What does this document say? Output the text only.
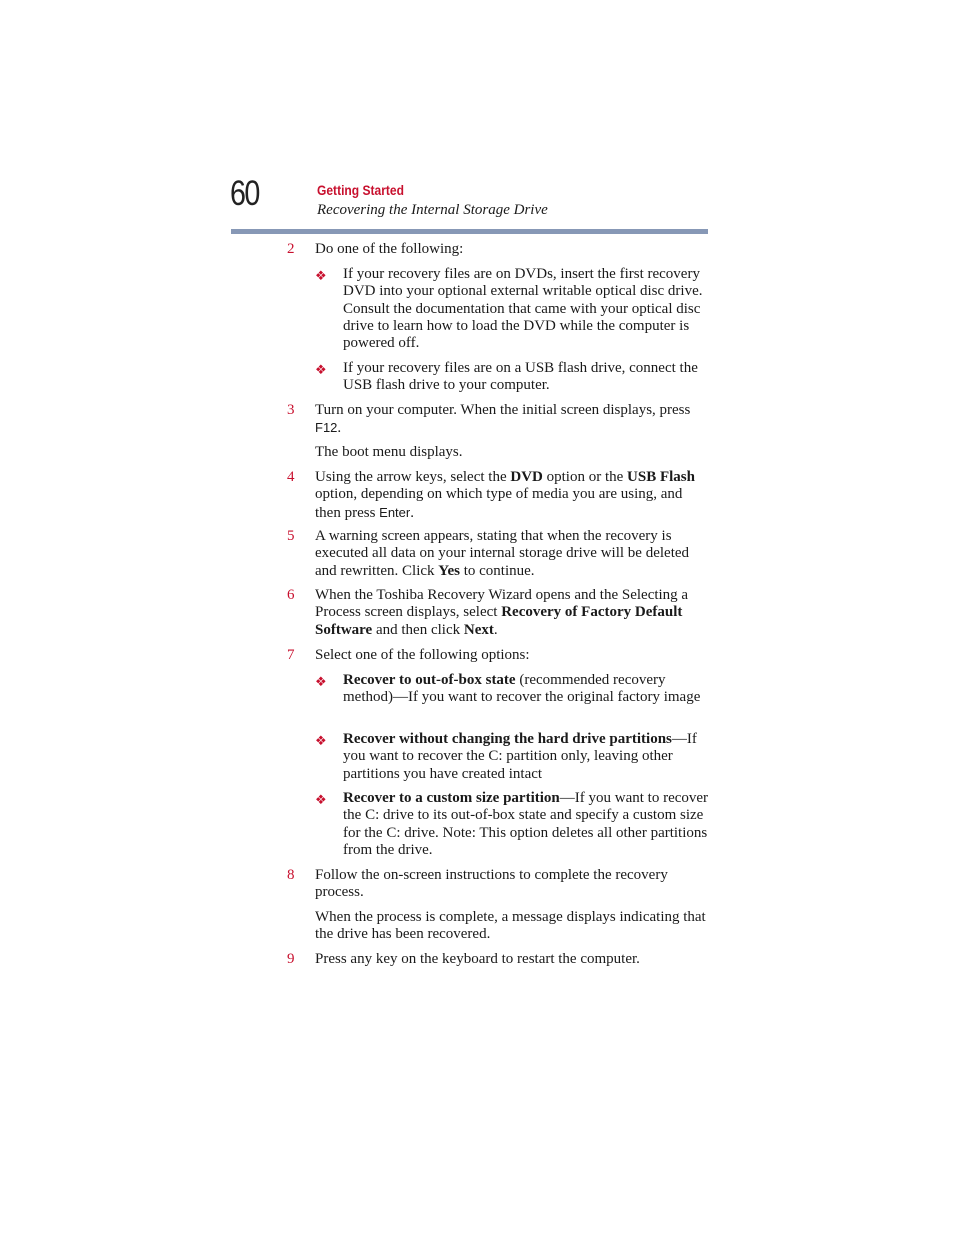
60	Getting Started
Recovering the Internal Storage Drive
2	Do one of the following:
❖ If your recovery files are on DVDs, insert the first recovery DVD into your optional external writable optical disc drive. Consult the documentation that came with your optical disc drive to learn how to load the DVD while the computer is powered off.
❖ If your recovery files are on a USB flash drive, connect the USB flash drive to your computer.
3	Turn on your computer. When the initial screen displays, press F12.
The boot menu displays.
4	Using the arrow keys, select the DVD option or the USB Flash option, depending on which type of media you are using, and then press Enter.
5	A warning screen appears, stating that when the recovery is executed all data on your internal storage drive will be deleted and rewritten. Click Yes to continue.
6	When the Toshiba Recovery Wizard opens and the Selecting a Process screen displays, select Recovery of Factory Default Software and then click Next.
7	Select one of the following options:
❖ Recover to out-of-box state (recommended recovery method)—If you want to recover the original factory image
❖ Recover without changing the hard drive partitions—If you want to recover the C: partition only, leaving other partitions you have created intact
❖ Recover to a custom size partition—If you want to recover the C: drive to its out-of-box state and specify a custom size for the C: drive. Note: This option deletes all other partitions from the drive.
8	Follow the on-screen instructions to complete the recovery process.
When the process is complete, a message displays indicating that the drive has been recovered.
9	Press any key on the keyboard to restart the computer.
